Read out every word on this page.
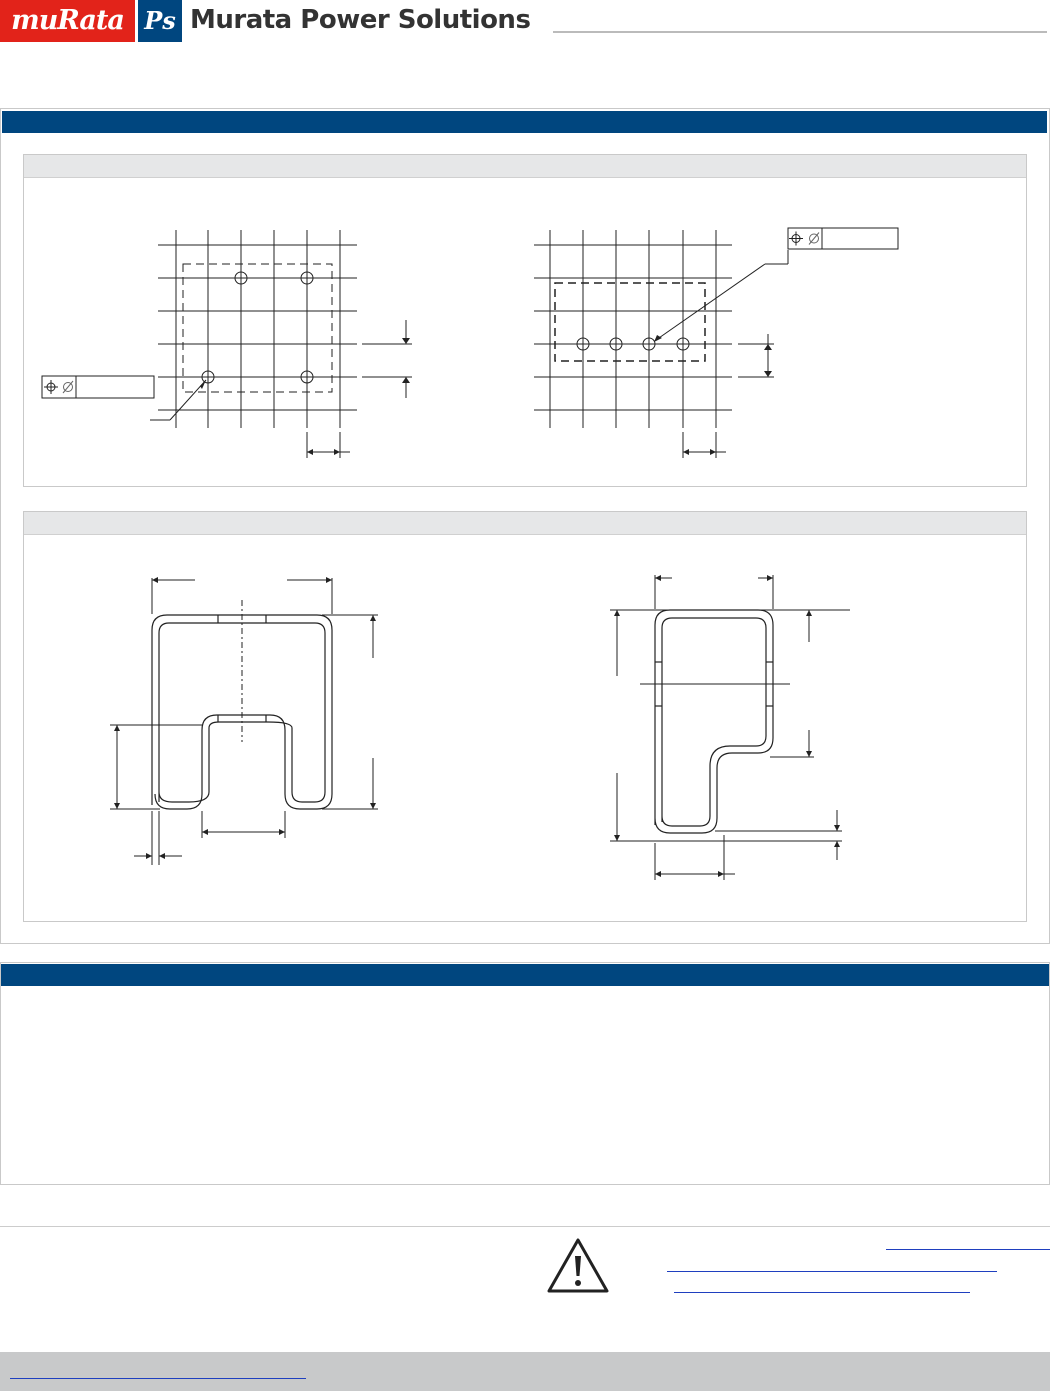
muRata Ps Murata Power Solutions
